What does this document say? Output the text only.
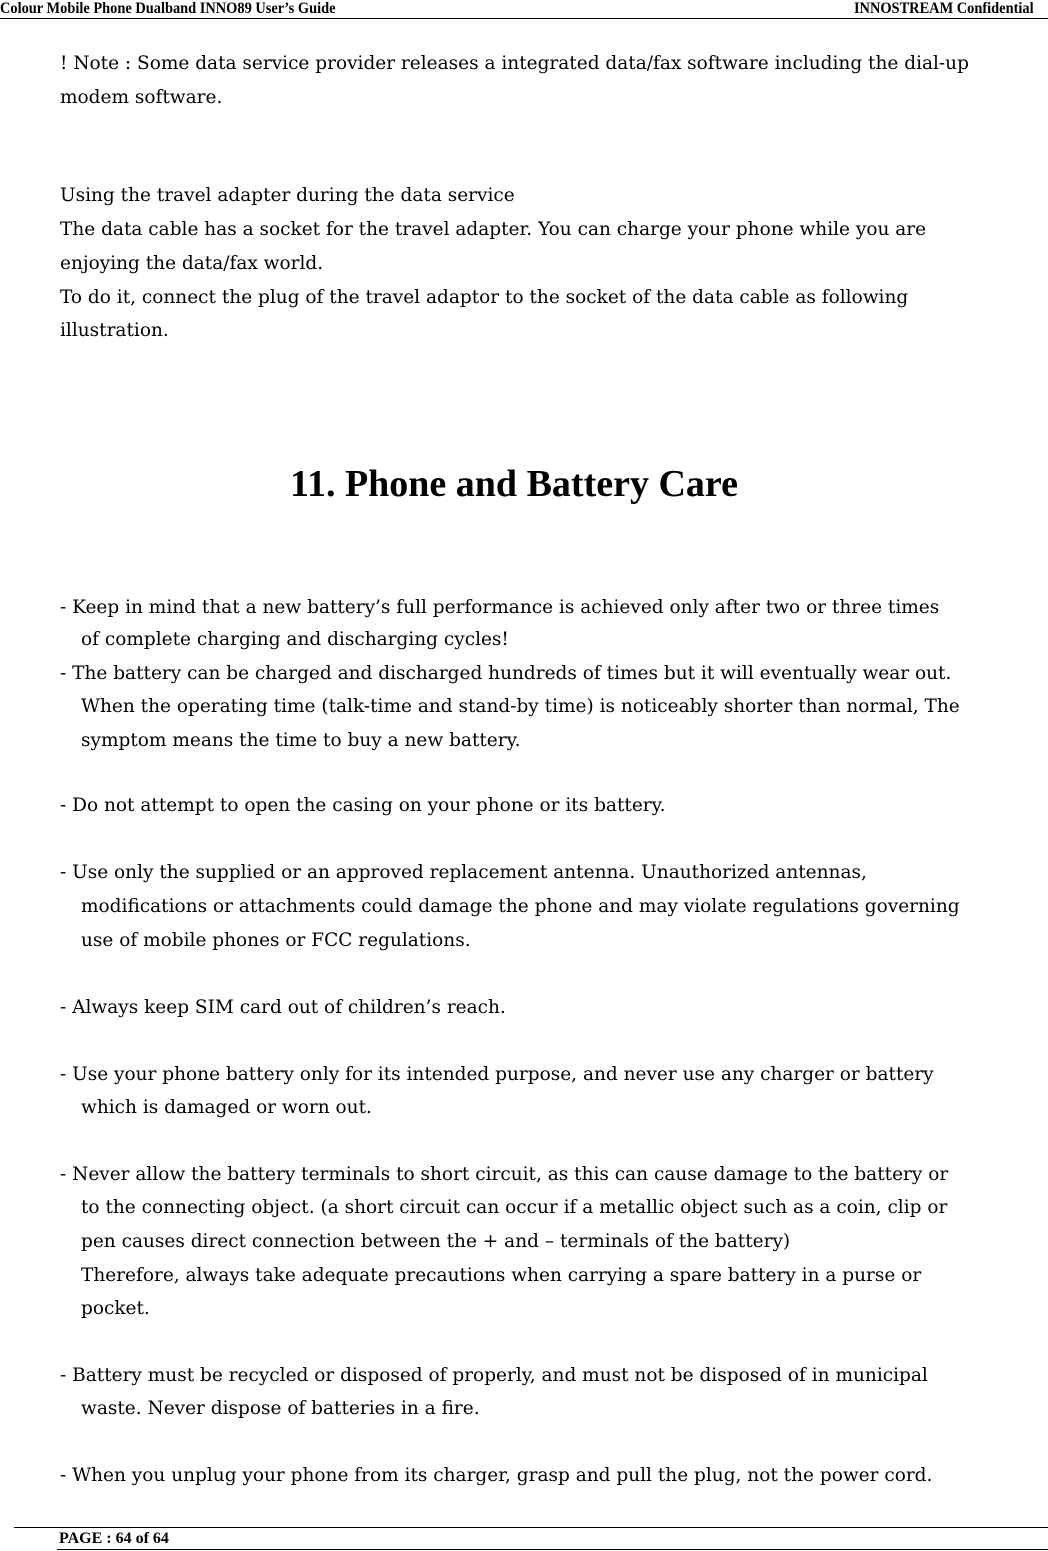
Colour Mobile Phone Dualband INNO89 User’s Guide	INNOSTREAM Confidential
! Note : Some data service provider releases a integrated data/fax software including the dial-up
modem software.
Using the travel adapter during the data service
The data cable has a socket for the travel adapter. You can charge your phone while you are
enjoying the data/fax world.
To do it, connect the plug of the travel adaptor to the socket of the data cable as following
illustration.
11. Phone and Battery Care
- Keep in mind that a new battery’s full performance is achieved only after two or three times
of complete charging and discharging cycles!
- The battery can be charged and discharged hundreds of times but it will eventually wear out.
When the operating time (talk-time and stand-by time) is noticeably shorter than normal, The
symptom means the time to buy a new battery.
- Do not attempt to open the casing on your phone or its battery.
- Use only the supplied or an approved replacement antenna. Unauthorized antennas,
modifications or attachments could damage the phone and may violate regulations governing
use of mobile phones or FCC regulations.
- Always keep SIM card out of children’s reach.
- Use your phone battery only for its intended purpose, and never use any charger or battery
which is damaged or worn out.
- Never allow the battery terminals to short circuit, as this can cause damage to the battery or
to the connecting object. (a short circuit can occur if a metallic object such as a coin, clip or
pen causes direct connection between the + and – terminals of the battery)
Therefore, always take adequate precautions when carrying a spare battery in a purse or
pocket.
- Battery must be recycled or disposed of properly, and must not be disposed of in municipal
waste. Never dispose of batteries in a fire.
- When you unplug your phone from its charger, grasp and pull the plug, not the power cord.
PAGE : 64 of 64
